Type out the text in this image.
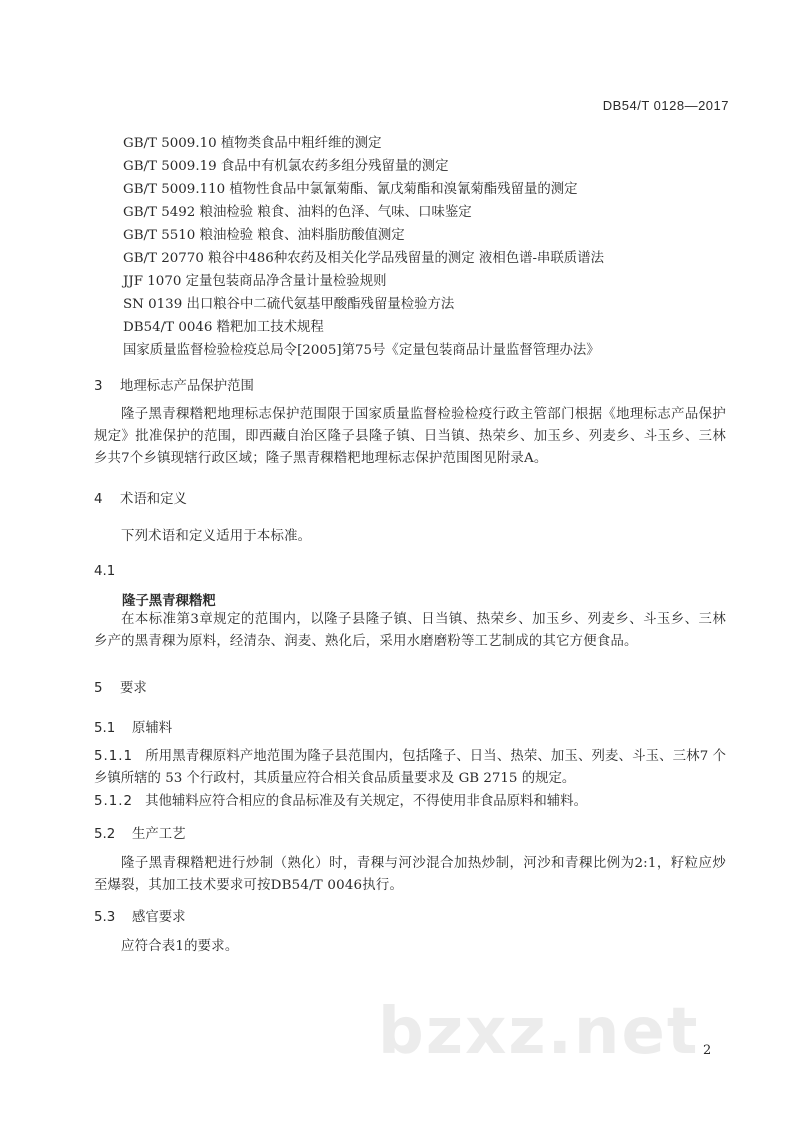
DB54/T 0128—2017
GB/T 5009.10 植物类食品中粗纤维的测定
GB/T 5009.19 食品中有机氯农药多组分残留量的测定
GB/T 5009.110 植物性食品中氯氰菊酯、氰戊菊酯和溴氰菊酯残留量的测定
GB/T 5492 粮油检验 粮食、油料的色泽、气味、口味鉴定
GB/T 5510 粮油检验 粮食、油料脂肪酸值测定
GB/T 20770 粮谷中486种农药及相关化学品残留量的测定 液相色谱-串联质谱法
JJF 1070 定量包装商品净含量计量检验规则
SN 0139 出口粮谷中二硫代氨基甲酸酯残留量检验方法
DB54/T 0046 糌粑加工技术规程
国家质量监督检验检疫总局令[2005]第75号《定量包装商品计量监督管理办法》
3 地理标志产品保护范围
隆子黑青稞糌粑地理标志保护范围限于国家质量监督检验检疫行政主管部门根据《地理标志产品保护规定》批准保护的范围，即西藏自治区隆子县隆子镇、日当镇、热荣乡、加玉乡、列麦乡、斗玉乡、三林乡共7个乡镇现辖行政区域；隆子黑青稞糌粑地理标志保护范围图见附录A。
4 术语和定义
下列术语和定义适用于本标准。
4.1
隆子黑青稞糌粑
在本标准第3章规定的范围内，以隆子县隆子镇、日当镇、热荣乡、加玉乡、列麦乡、斗玉乡、三林乡产的黑青稞为原料，经清杂、润麦、熟化后，采用水磨磨粉等工艺制成的其它方便食品。
5 要求
5.1 原辅料
5.1.1 所用黑青稞原料产地范围为隆子县范围内，包括隆子、日当、热荣、加玉、列麦、斗玉、三林7 个乡镇所辖的 53 个行政村，其质量应符合相关食品质量要求及 GB 2715 的规定。
5.1.2 其他辅料应符合相应的食品标准及有关规定，不得使用非食品原料和辅料。
5.2 生产工艺
隆子黑青稞糌粑进行炒制（熟化）时，青稞与河沙混合加热炒制，河沙和青稞比例为2:1，籽粒应炒至爆裂，其加工技术要求可按DB54/T 0046执行。
5.3 感官要求
应符合表1的要求。
bzxz.net 2
